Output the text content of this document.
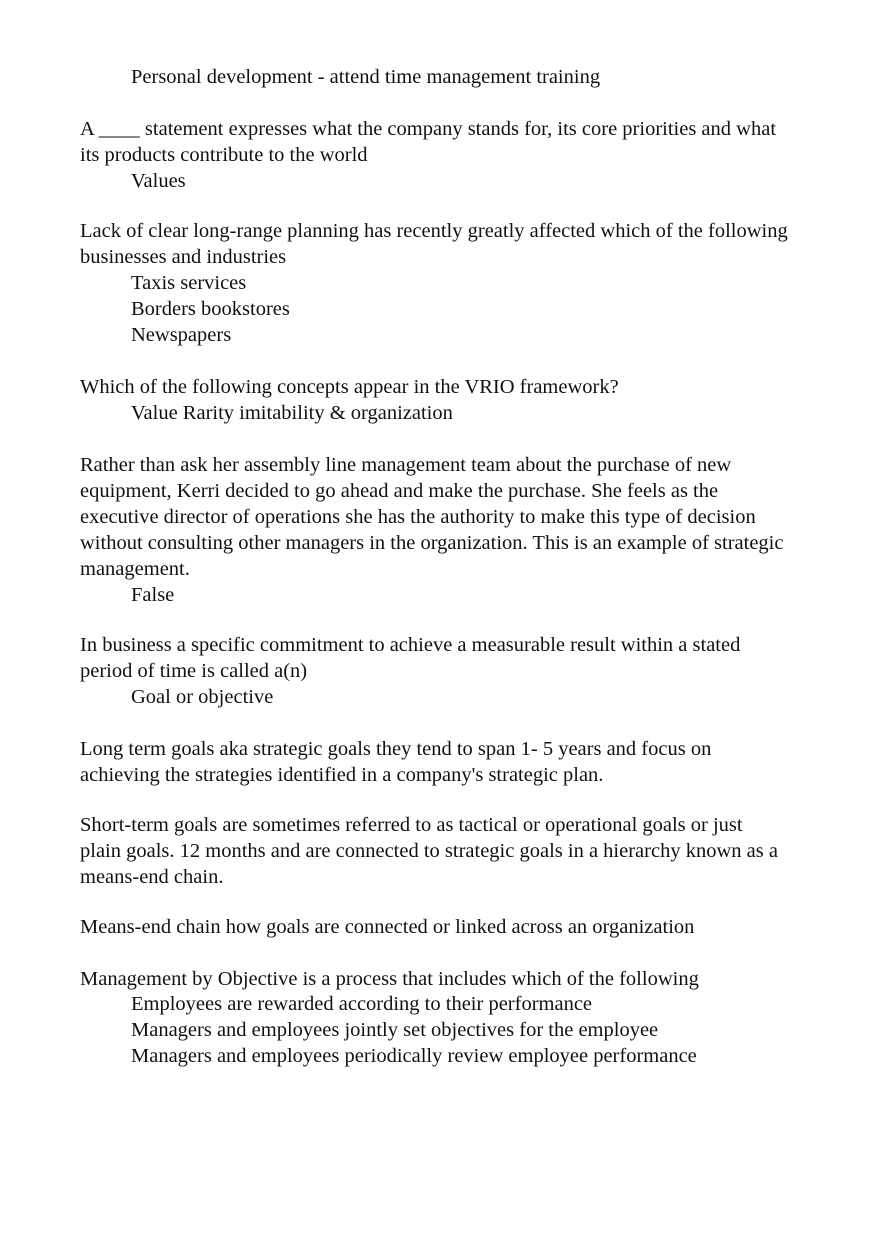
Personal development - attend time management training
A ____ statement expresses what the company stands for, its core priorities and what
its products contribute to the world
Values
Lack of clear long-range planning has recently greatly affected which of the following
businesses and industries
Taxis services
Borders bookstores
Newspapers
Which of the following concepts appear in the VRIO framework?
Value Rarity imitability & organization
Rather than ask her assembly line management team about the purchase of new
equipment, Kerri decided to go ahead and make the purchase. She feels as the
executive director of operations she has the authority to make this type of decision
without consulting other managers in the organization. This is an example of strategic
management.
False
In business a specific commitment to achieve a measurable result within a stated
period of time is called a(n)
Goal or objective
Long term goals aka strategic goals they tend to span 1- 5 years and focus on
achieving the strategies identified in a company's strategic plan.
Short-term goals are sometimes referred to as tactical or operational goals or just
plain goals. 12 months and are connected to strategic goals in a hierarchy known as a
means-end chain.
Means-end chain how goals are connected or linked across an organization
Management by Objective is a process that includes which of the following
Employees are rewarded according to their performance
Managers and employees jointly set objectives for the employee
Managers and employees periodically review employee performance
